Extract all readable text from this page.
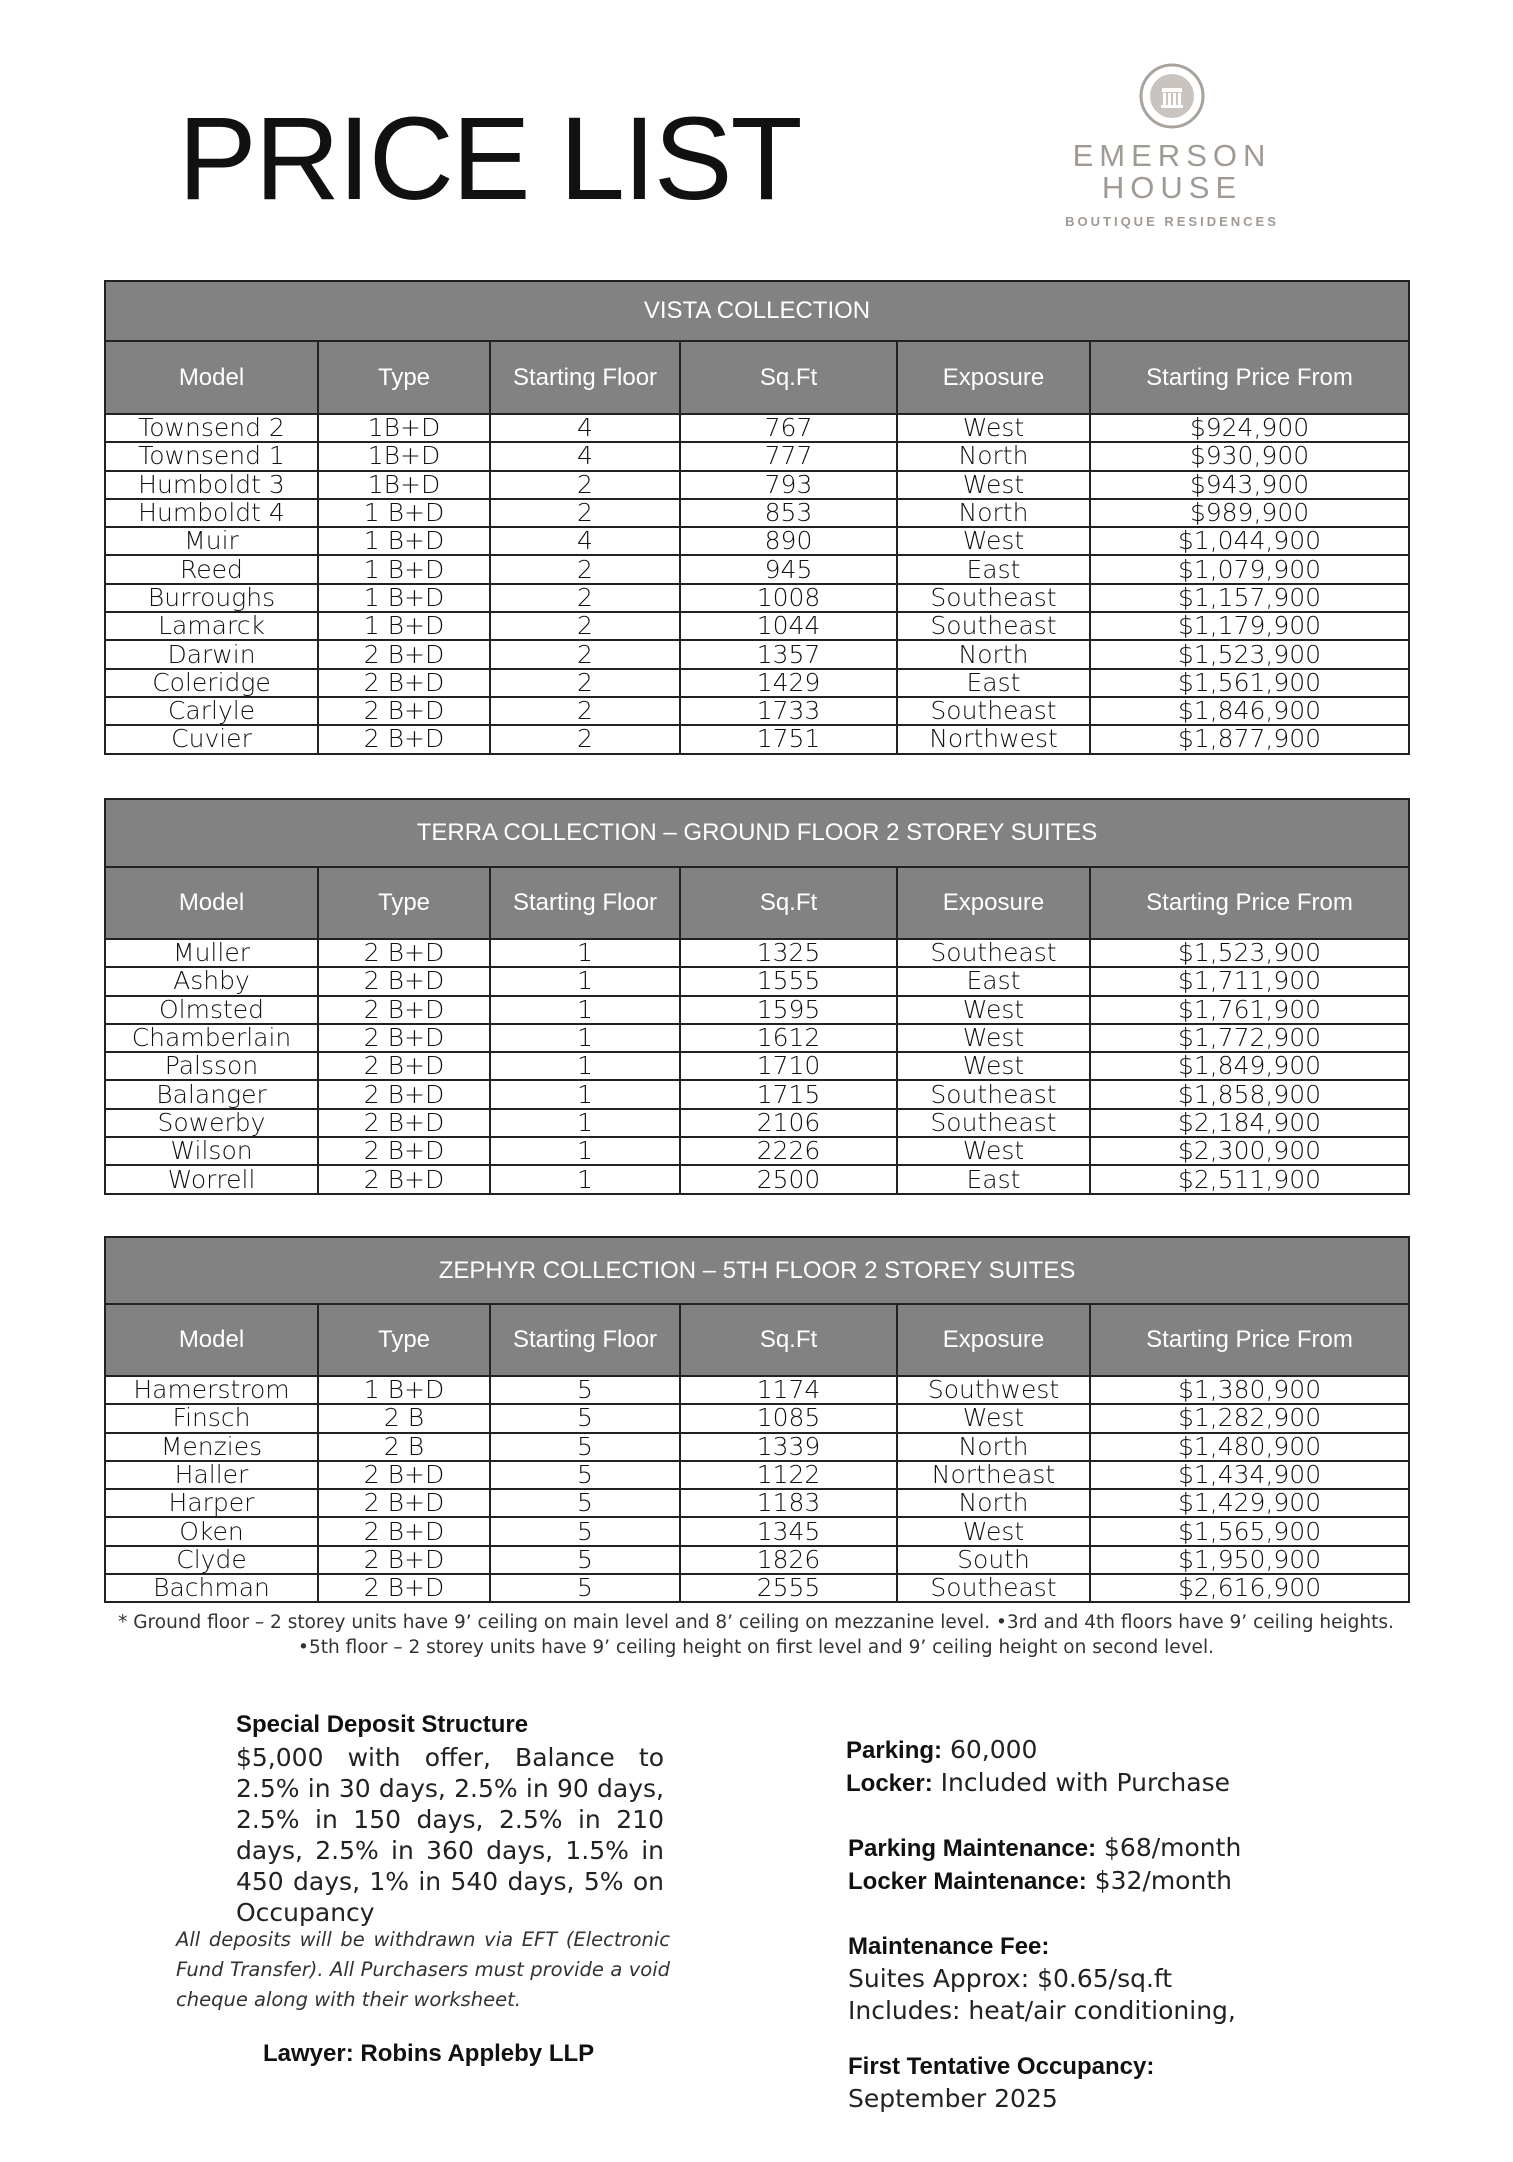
PRICE LIST	EMERSON
HOUSE
BOUTIQUE RESIDENCES
VISTA COLLECTION					
Model	Type	Starting Floor	Sq.Ft	Exposure	Starting Price From
Townsend 2	1B+D	4	767	West	$924,900
Townsend 1	1B+D	4	777	North	$930,900
Humboldt 3	1B+D	2	793	West	$943,900
Humboldt 4	1 B+D	2	853	North	$989,900
Muir	1 B+D	4	890	West	$1,044,900
Reed	1 B+D	2	945	East	$1,079,900
Burroughs	1 B+D	2	1008	Southeast	$1,157,900
Lamarck	1 B+D	2	1044	Southeast	$1,179,900
Darwin	2 B+D	2	1357	North	$1,523,900
Coleridge	2 B+D	2	1429	East	$1,561,900
Carlyle	2 B+D	2	1733	Southeast	$1,846,900
Cuvier	2 B+D	2	1751	Northwest	$1,877,900
TERRA COLLECTION – GROUND FLOOR 2 STOREY SUITES					
Model	Type	Starting Floor	Sq.Ft	Exposure	Starting Price From
Muller	2 B+D	1	1325	Southeast	$1,523,900
Ashby	2 B+D	1	1555	East	$1,711,900
Olmsted	2 B+D	1	1595	West	$1,761,900
Chamberlain	2 B+D	1	1612	West	$1,772,900
Palsson	2 B+D	1	1710	West	$1,849,900
Balanger	2 B+D	1	1715	Southeast	$1,858,900
Sowerby	2 B+D	1	2106	Southeast	$2,184,900
Wilson	2 B+D	1	2226	West	$2,300,900
Worrell	2 B+D	1	2500	East	$2,511,900
ZEPHYR COLLECTION – 5TH FLOOR 2 STOREY SUITES					
Model	Type	Starting Floor	Sq.Ft	Exposure	Starting Price From
Hamerstrom	1 B+D	5	1174	Southwest	$1,380,900
Finsch	2 B	5	1085	West	$1,282,900
Menzies	2 B	5	1339	North	$1,480,900
Haller	2 B+D	5	1122	Northeast	$1,434,900
Harper	2 B+D	5	1183	North	$1,429,900
Oken	2 B+D	5	1345	West	$1,565,900
Clyde	2 B+D	5	1826	South	$1,950,900
Bachman	2 B+D	5	2555	Southeast	$2,616,900
* Ground floor – 2 storey units have 9’ ceiling on main level and 8’ ceiling on mezzanine level. •3rd and 4th floors have 9’ ceiling heights.
•5th floor – 2 storey units have 9’ ceiling height on first level and 9’ ceiling height on second level.
Special Deposit Structure
$5,000 with offer, Balance to 2.5% in 30 days, 2.5% in 90 days, 2.5% in 150 days, 2.5% in 210 days, 2.5% in 360 days, 1.5% in 450 days, 1% in 540 days, 5% on Occupancy
All deposits will be withdrawn via EFT (Electronic Fund Transfer). All Purchasers must provide a void cheque along with their worksheet.
Lawyer: Robins Appleby LLP
Parking: 60,000
Locker: Included with Purchase
Parking Maintenance: $68/month
Locker Maintenance: $32/month
Maintenance Fee:
Suites Approx: $0.65/sq.ft
Includes: heat/air conditioning,
First Tentative Occupancy:
September 2025
